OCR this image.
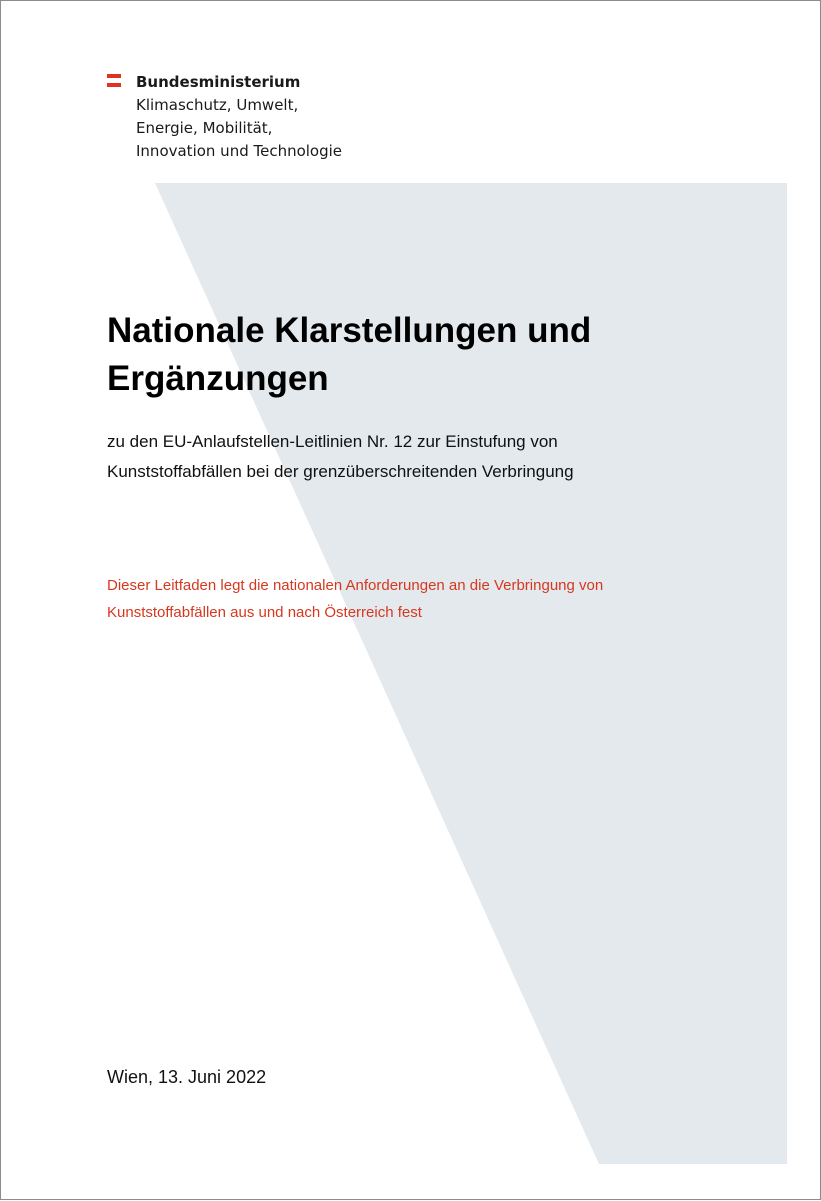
Bundesministerium
Klimaschutz, Umwelt,
Energie, Mobilität,
Innovation und Technologie
Nationale Klarstellungen und
Ergänzungen
zu den EU-Anlaufstellen-Leitlinien Nr. 12 zur Einstufung von
Kunststoffabfällen bei der grenzüberschreitenden Verbringung
Dieser Leitfaden legt die nationalen Anforderungen an die Verbringung von
Kunststoffabfällen aus und nach Österreich fest
Wien, 13. Juni 2022
